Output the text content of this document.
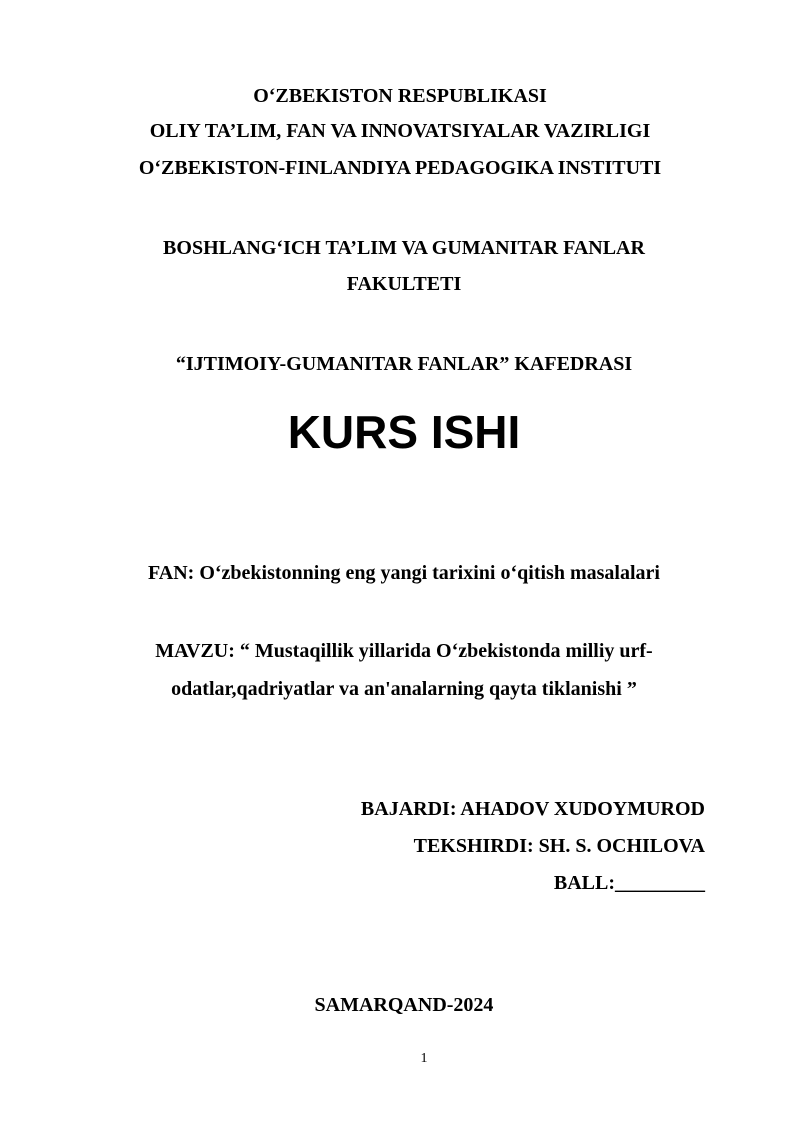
O‘ZBEKISTON RESPUBLIKASI
OLIY TA’LIM, FAN VA INNOVATSIYALAR VAZIRLIGI
O‘ZBEKISTON-FINLANDIYA PEDAGOGIKA INSTITUTI
BOSHLANG‘ICH TA’LIM VA GUMANITAR FANLAR
FAKULTETI
“IJTIMOIY-GUMANITAR FANLAR” KAFEDRASI
KURS ISHI
FAN: O‘zbekistonning eng yangi tarixini o‘qitish masalalari
MAVZU: “ Mustaqillik yillarida O‘zbekistonda milliy urf-
odatlar,qadriyatlar va an'analarning qayta tiklanishi ”
BAJARDI: AHADOV XUDOYMUROD
TEKSHIRDI: SH. S. OCHILOVA
BALL:_________
SAMARQAND-2024
1
